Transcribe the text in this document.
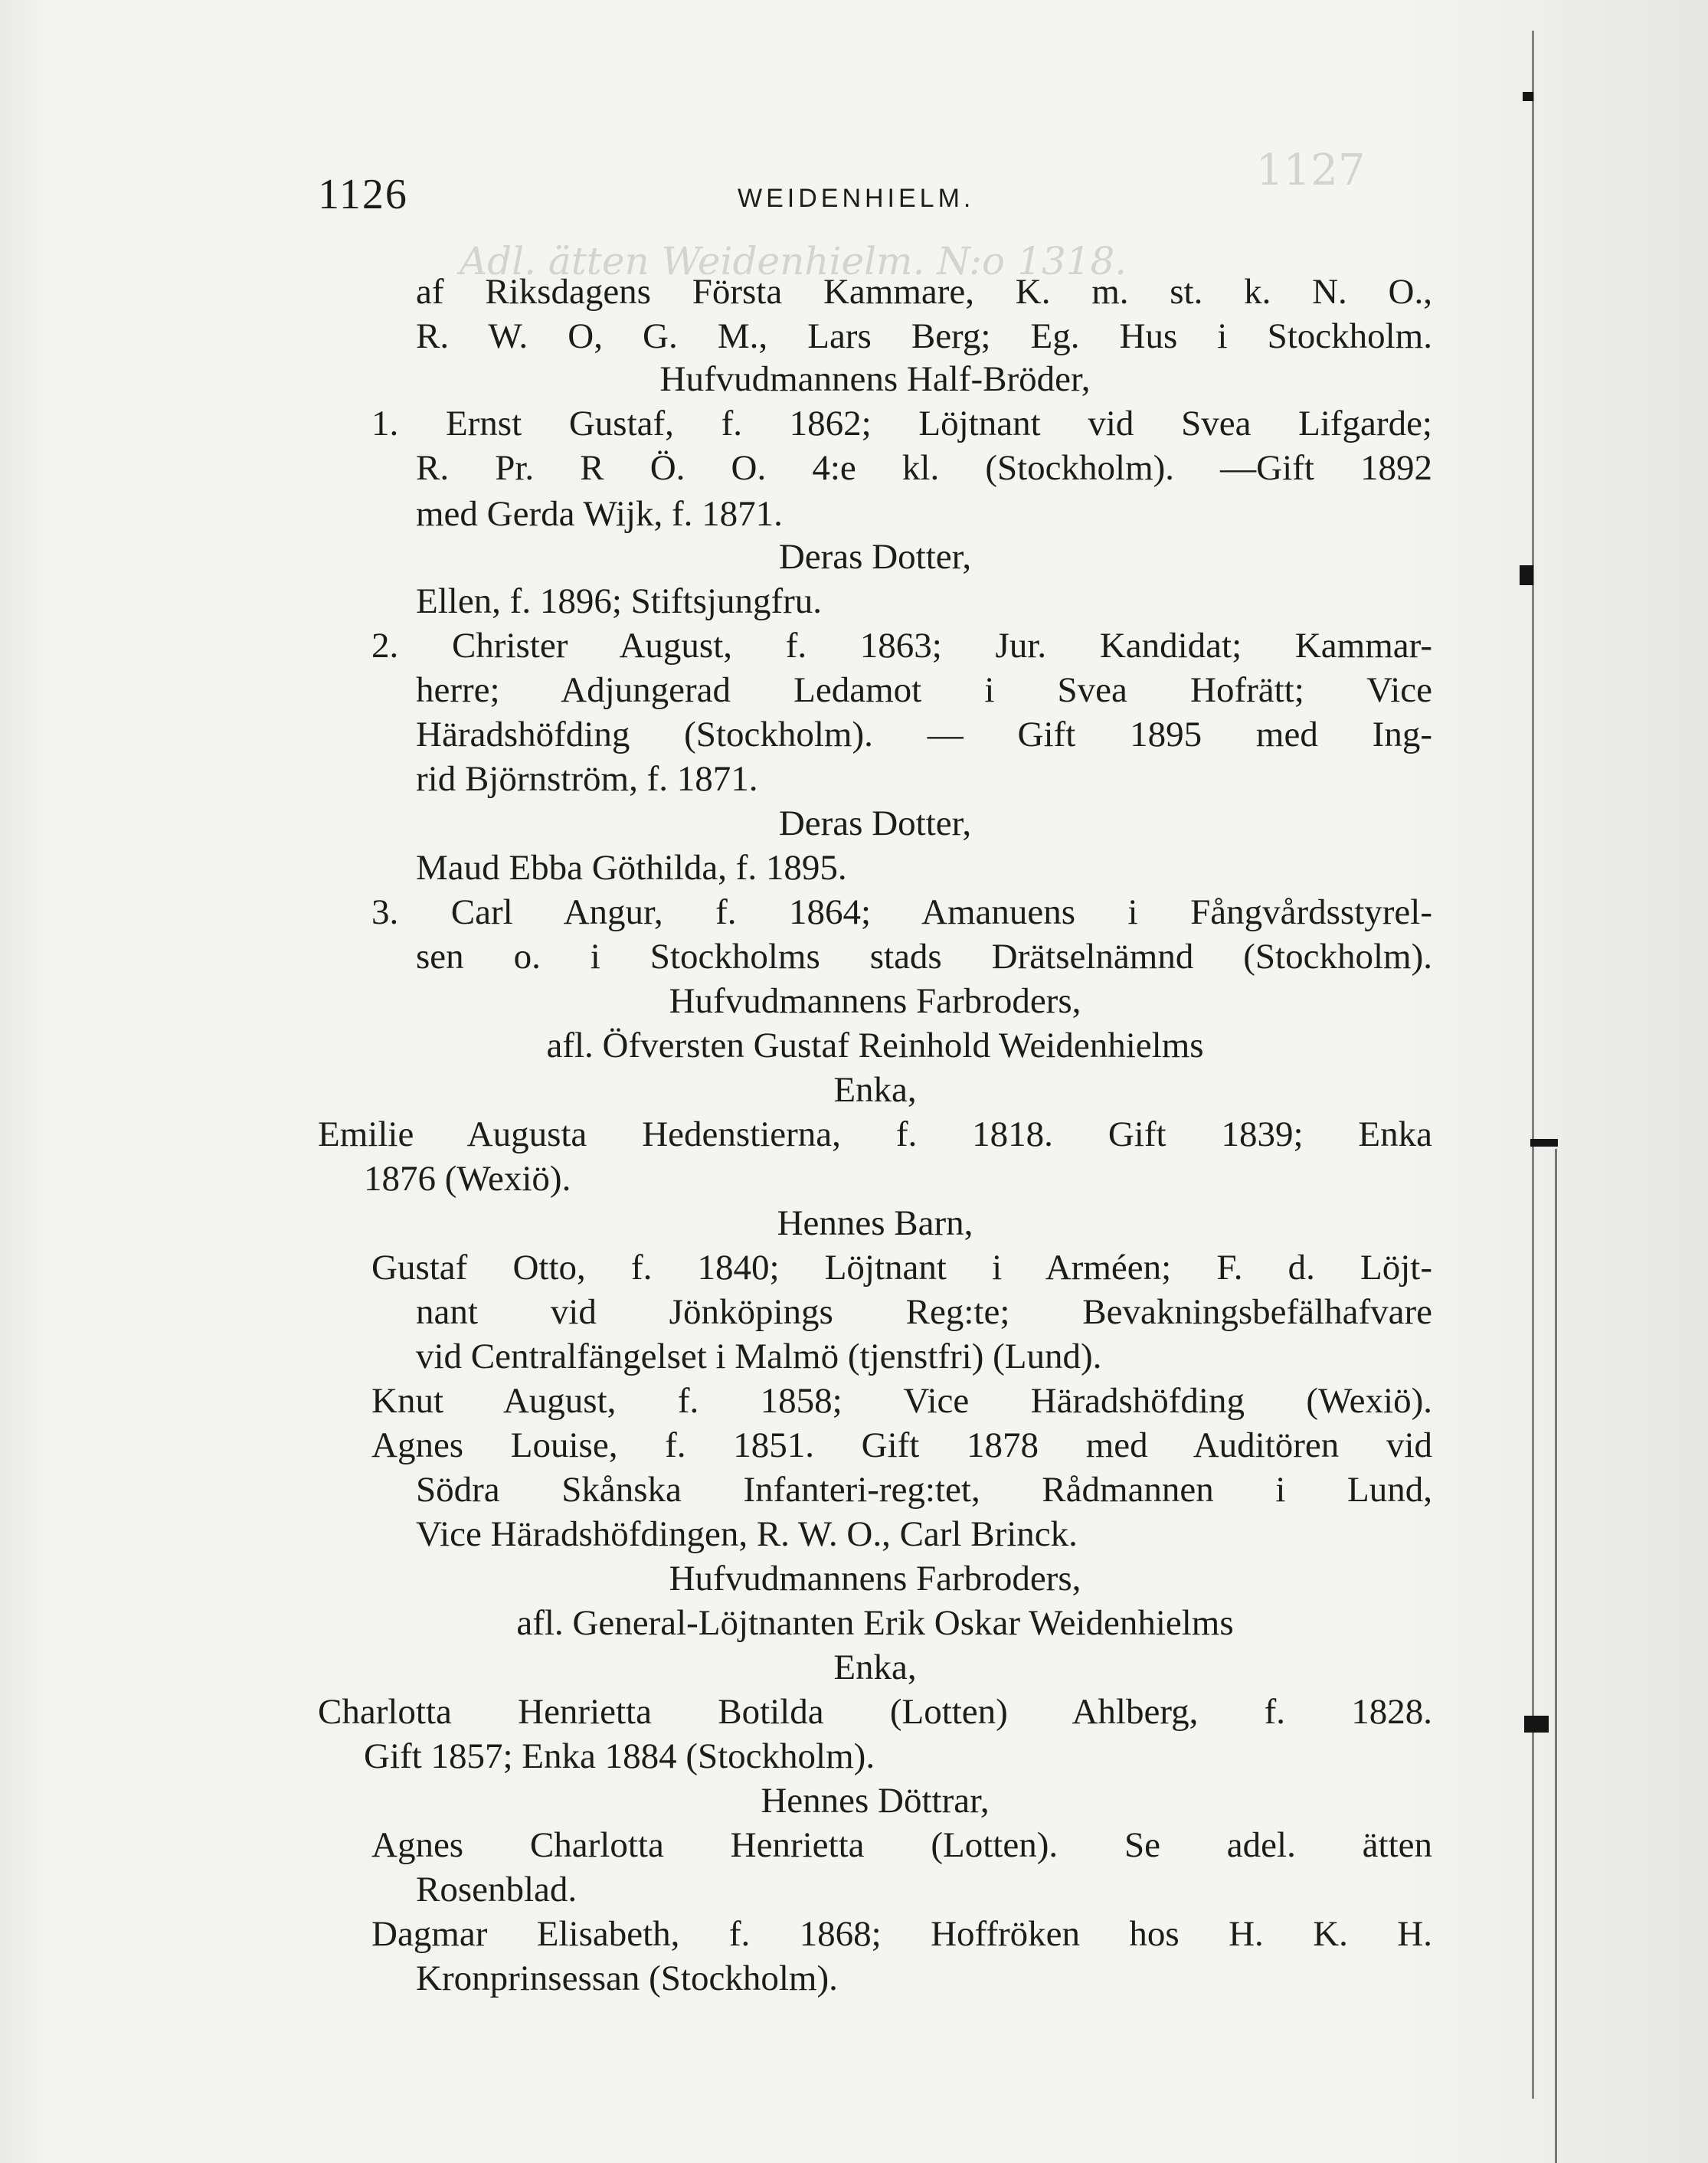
1127
Adl. ätten Weidenhielm. N:o 1318.
1126	WEIDENHIELM.
af Riksdagens Första Kammare, K. m. st. k. N. O.,
R. W. O, G. M., Lars Berg; Eg. Hus i Stockholm.
Hufvudmannens Half-Bröder,
1. Ernst Gustaf, f. 1862; Löjtnant vid Svea Lifgarde;
R. Pr. R Ö. O. 4:e kl. (Stockholm). —Gift 1892
med Gerda Wijk, f. 1871.
Deras Dotter,
Ellen, f. 1896; Stiftsjungfru.
2. Christer August, f. 1863; Jur. Kandidat; Kammar-
herre; Adjungerad Ledamot i Svea Hofrätt; Vice
Häradshöfding (Stockholm). — Gift 1895 med Ing-
rid Björnström, f. 1871.
Deras Dotter,
Maud Ebba Göthilda, f. 1895.
3. Carl Angur, f. 1864; Amanuens i Fångvårdsstyrel-
sen o. i Stockholms stads Drätselnämnd (Stockholm).
Hufvudmannens Farbroders,
afl. Öfversten Gustaf Reinhold Weidenhielms
Enka,
Emilie Augusta Hedenstierna, f. 1818. Gift 1839; Enka
1876 (Wexiö).
Hennes Barn,
Gustaf Otto, f. 1840; Löjtnant i Arméen; F. d. Löjt-
nant vid Jönköpings Reg:te; Bevakningsbefälhafvare
vid Centralfängelset i Malmö (tjenstfri) (Lund).
Knut August, f. 1858; Vice Häradshöfding (Wexiö).
Agnes Louise, f. 1851. Gift 1878 med Auditören vid
Södra Skånska Infanteri-reg:tet, Rådmannen i Lund,
Vice Häradshöfdingen, R. W. O., Carl Brinck.
Hufvudmannens Farbroders,
afl. General-Löjtnanten Erik Oskar Weidenhielms
Enka,
Charlotta Henrietta Botilda (Lotten) Ahlberg, f. 1828.
Gift 1857; Enka 1884 (Stockholm).
Hennes Döttrar,
Agnes Charlotta Henrietta (Lotten). Se adel. ätten
Rosenblad.
Dagmar Elisabeth, f. 1868; Hoffröken hos H. K. H.
Kronprinsessan (Stockholm).
